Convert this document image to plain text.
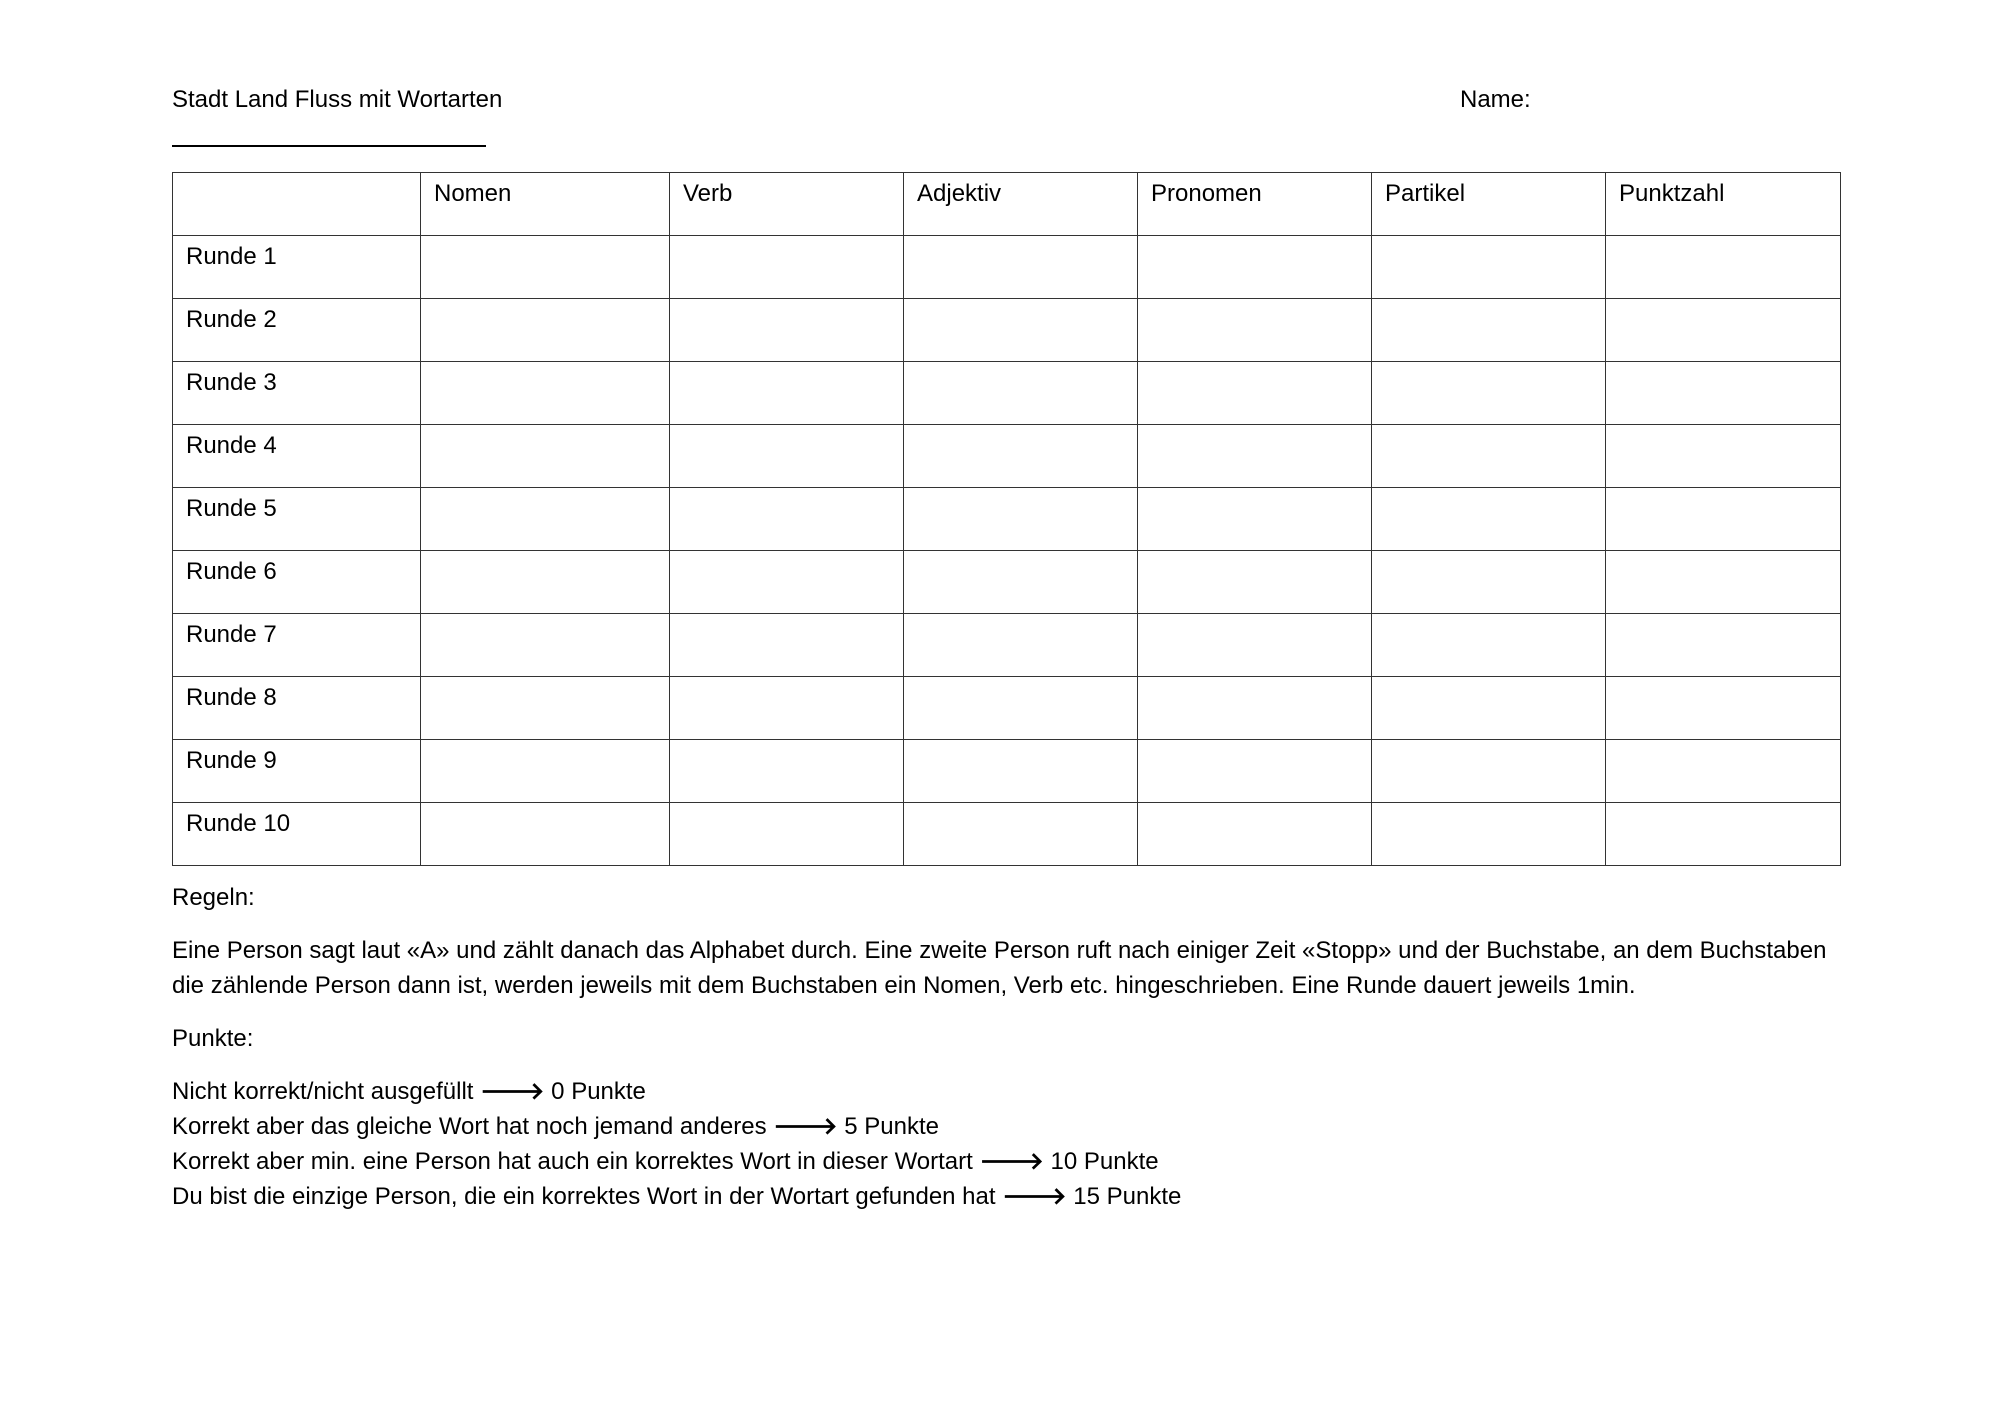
Stadt Land Fluss mit Wortarten	Name:
	Nomen	Verb	Adjektiv	Pronomen	Partikel	Punktzahl
Runde 1						
Runde 2						
Runde 3						
Runde 4						
Runde 5						
Runde 6						
Runde 7						
Runde 8						
Runde 9						
Runde 10						

Regeln:

Eine Person sagt laut «A» und zählt danach das Alphabet durch. Eine zweite Person ruft nach einiger Zeit «Stopp» und der Buchstabe, an dem Buchstaben die zählende Person dann ist, werden jeweils mit dem Buchstaben ein Nomen, Verb etc. hingeschrieben. Eine Runde dauert jeweils 1min.

Punkte:

Nicht korrekt/nicht ausgefüllt 🡒 0 Punkte
Korrekt aber das gleiche Wort hat noch jemand anderes 🡒 5 Punkte
Korrekt aber min. eine Person hat auch ein korrektes Wort in dieser Wortart 🡒 10 Punkte
Du bist die einzige Person, die ein korrektes Wort in der Wortart gefunden hat 🡒 15 Punkte
